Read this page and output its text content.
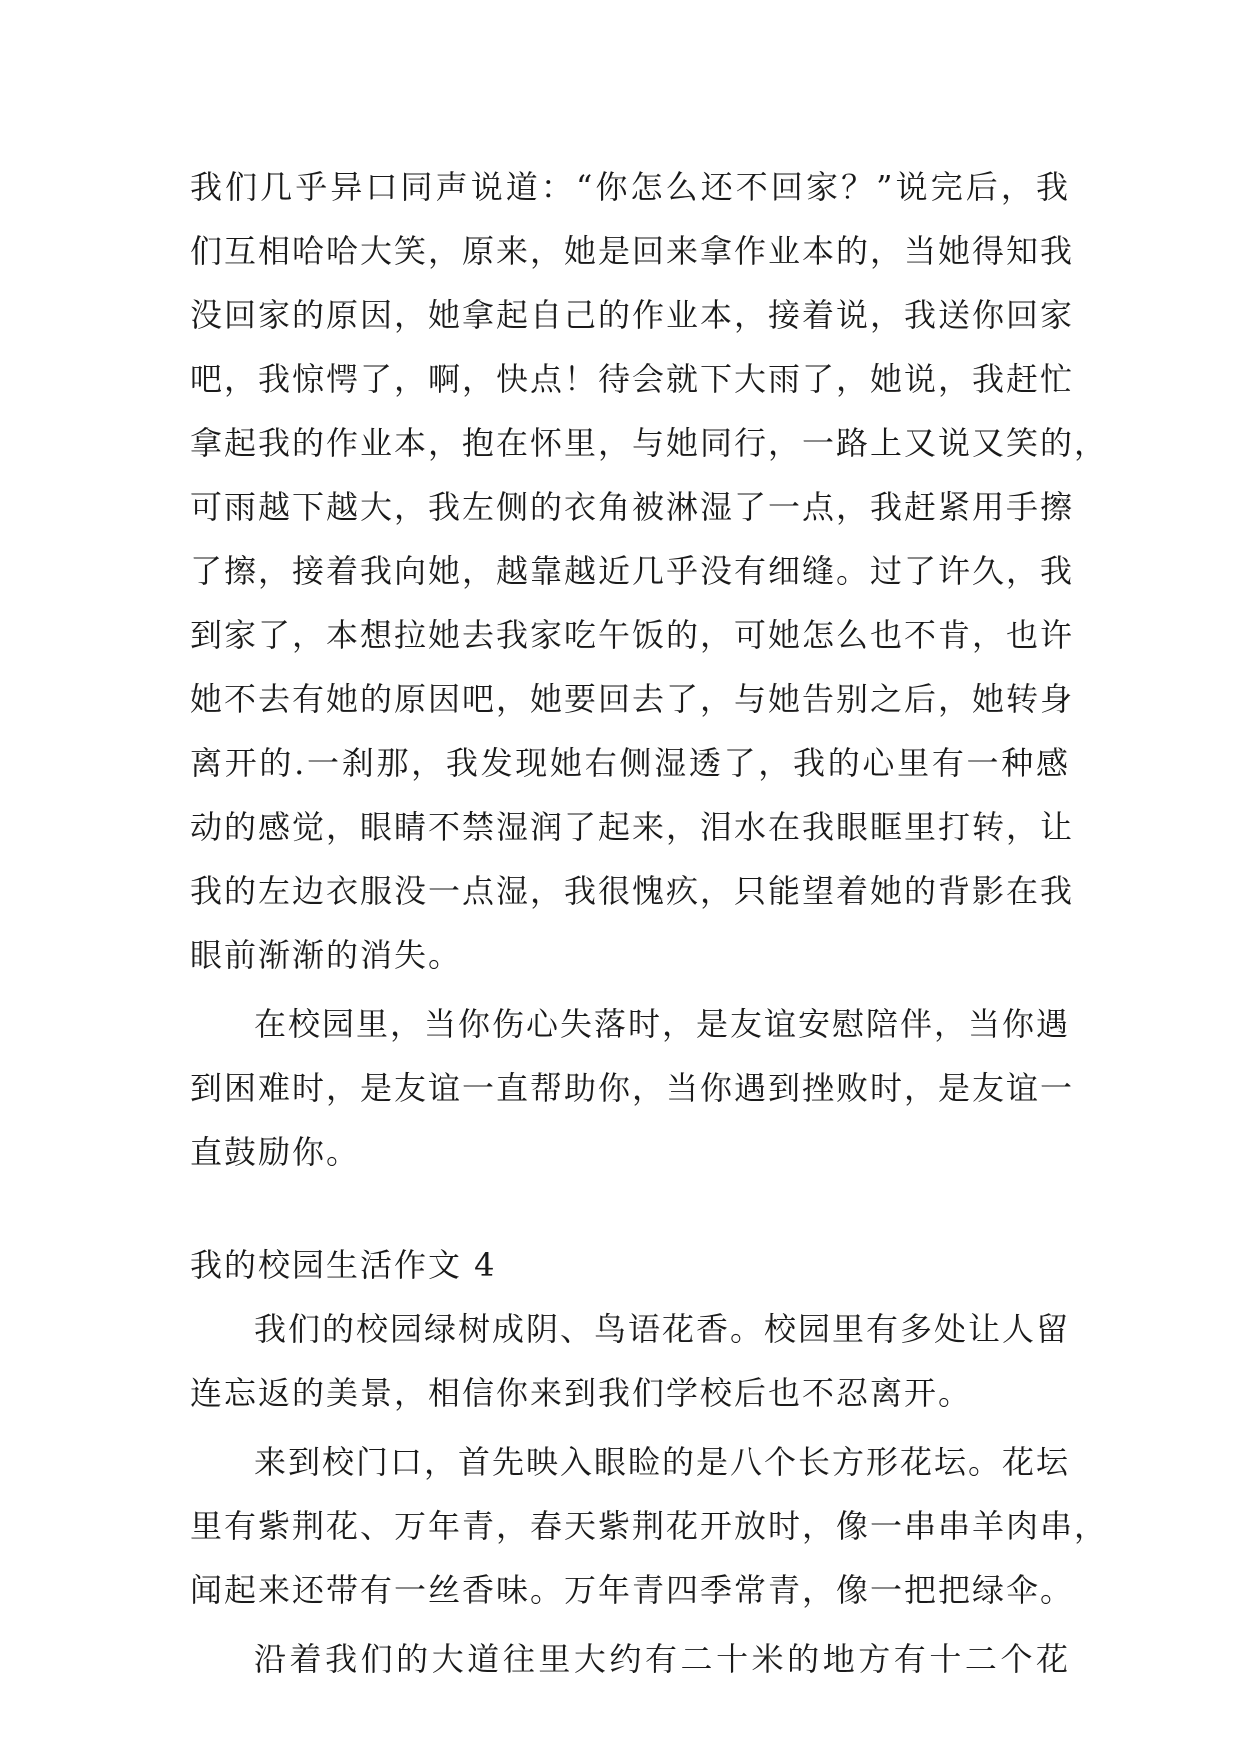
我们几乎异口同声说道：“你怎么还不回家？”说完后，我
们互相哈哈大笑，原来，她是回来拿作业本的，当她得知我
没回家的原因，她拿起自己的作业本，接着说，我送你回家
吧，我惊愕了，啊，快点！待会就下大雨了，她说，我赶忙
拿起我的作业本，抱在怀里，与她同行，一路上又说又笑的，
可雨越下越大，我左侧的衣角被淋湿了一点，我赶紧用手擦
了擦，接着我向她，越靠越近几乎没有细缝。过了许久，我
到家了，本想拉她去我家吃午饭的，可她怎么也不肯，也许
她不去有她的原因吧，她要回去了，与她告别之后，她转身
离开的.一刹那，我发现她右侧湿透了，我的心里有一种感
动的感觉，眼睛不禁湿润了起来，泪水在我眼眶里打转，让
我的左边衣服没一点湿，我很愧疚，只能望着她的背影在我
眼前渐渐的消失。
在校园里，当你伤心失落时，是友谊安慰陪伴，当你遇
到困难时，是友谊一直帮助你，当你遇到挫败时，是友谊一
直鼓励你。
我的校园生活作文 4
我们的校园绿树成阴、鸟语花香。校园里有多处让人留
连忘返的美景，相信你来到我们学校后也不忍离开。
来到校门口，首先映入眼睑的是八个长方形花坛。花坛
里有紫荆花、万年青，春天紫荆花开放时，像一串串羊肉串，
闻起来还带有一丝香味。万年青四季常青，像一把把绿伞。
沿着我们的大道往里大约有二十米的地方有十二个花
